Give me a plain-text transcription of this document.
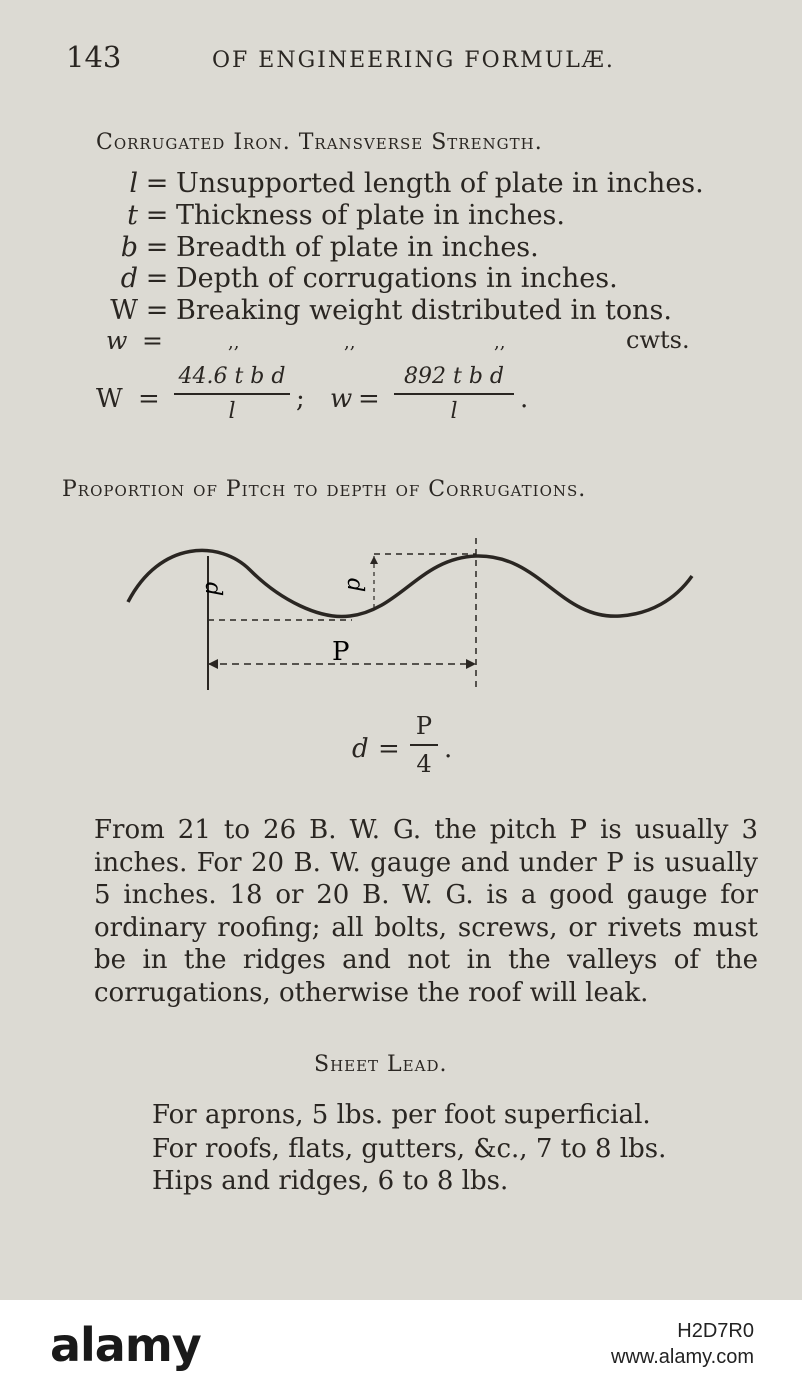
143	OF ENGINEERING FORMULÆ.
Corrugated Iron. Transverse Strength.
l = Unsupported length of plate in inches.
t = Thickness of plate in inches.
b = Breadth of plate in inches.
d = Depth of corrugations in inches.
W = Breaking weight distributed in tons.
w =	,,	,,	,,	cwts.
W =
44.6 t b d
l	; w =
892 t b d
l	.
Proportion of Pitch to depth of Corrugations.
d	d
P
d =
P
4 .
From 21 to 26 B. W. G. the pitch P is usually 3 inches. For 20 B. W. gauge and under P is usually 5 inches. 18 or 20 B. W. G. is a good gauge for ordinary roofing; all bolts, screws, or rivets must be in the ridges and not in the valleys of the corrugations, otherwise the roof will leak.
Sheet Lead.
For aprons, 5 lbs. per foot superficial.
For roofs, flats, gutters, &c., 7 to 8 lbs.
Hips and ridges, 6 to 8 lbs.
alamy	H2D7R0
www.alamy.com
